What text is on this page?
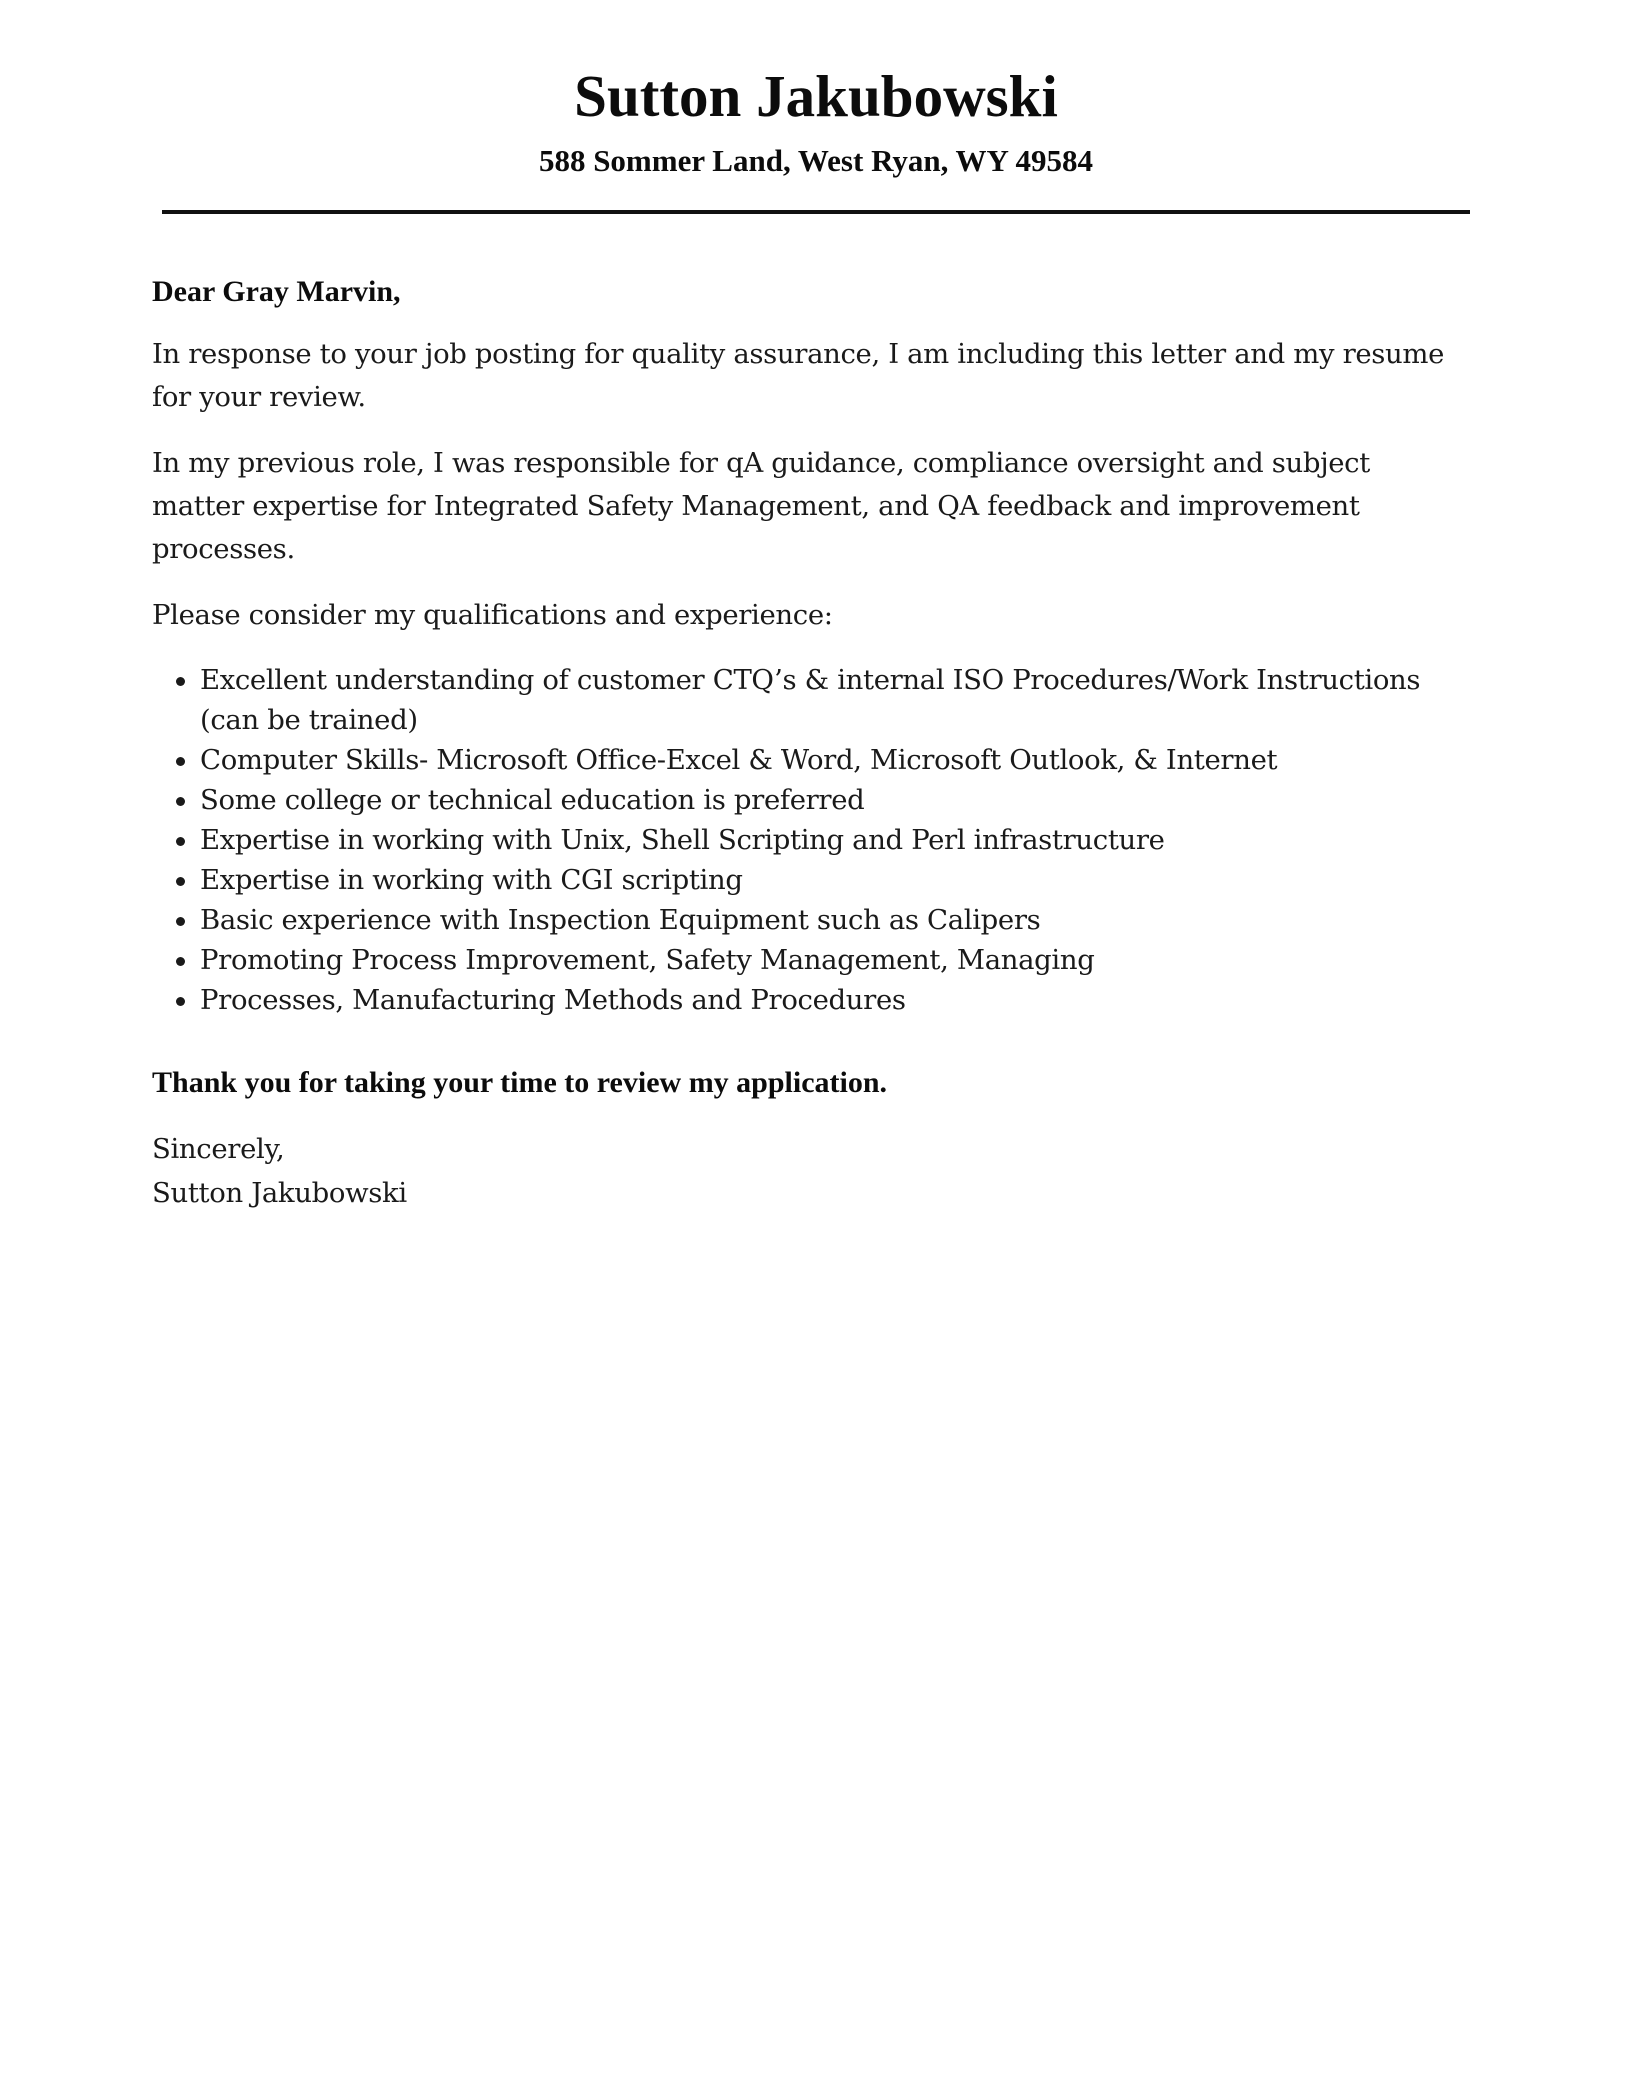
Sutton Jakubowski
588 Sommer Land, West Ryan, WY 49584

Dear Gray Marvin,

In response to your job posting for quality assurance, I am including this letter and my resume for your review.

In my previous role, I was responsible for qA guidance, compliance oversight and subject matter expertise for Integrated Safety Management, and QA feedback and improvement processes.

Please consider my qualifications and experience:

Excellent understanding of customer CTQ’s & internal ISO Procedures/Work Instructions (can be trained)
Computer Skills- Microsoft Office-Excel & Word, Microsoft Outlook, & Internet
Some college or technical education is preferred
Expertise in working with Unix, Shell Scripting and Perl infrastructure
Expertise in working with CGI scripting
Basic experience with Inspection Equipment such as Calipers
Promoting Process Improvement, Safety Management, Managing
Processes, Manufacturing Methods and Procedures

Thank you for taking your time to review my application.

Sincerely,
Sutton Jakubowski
